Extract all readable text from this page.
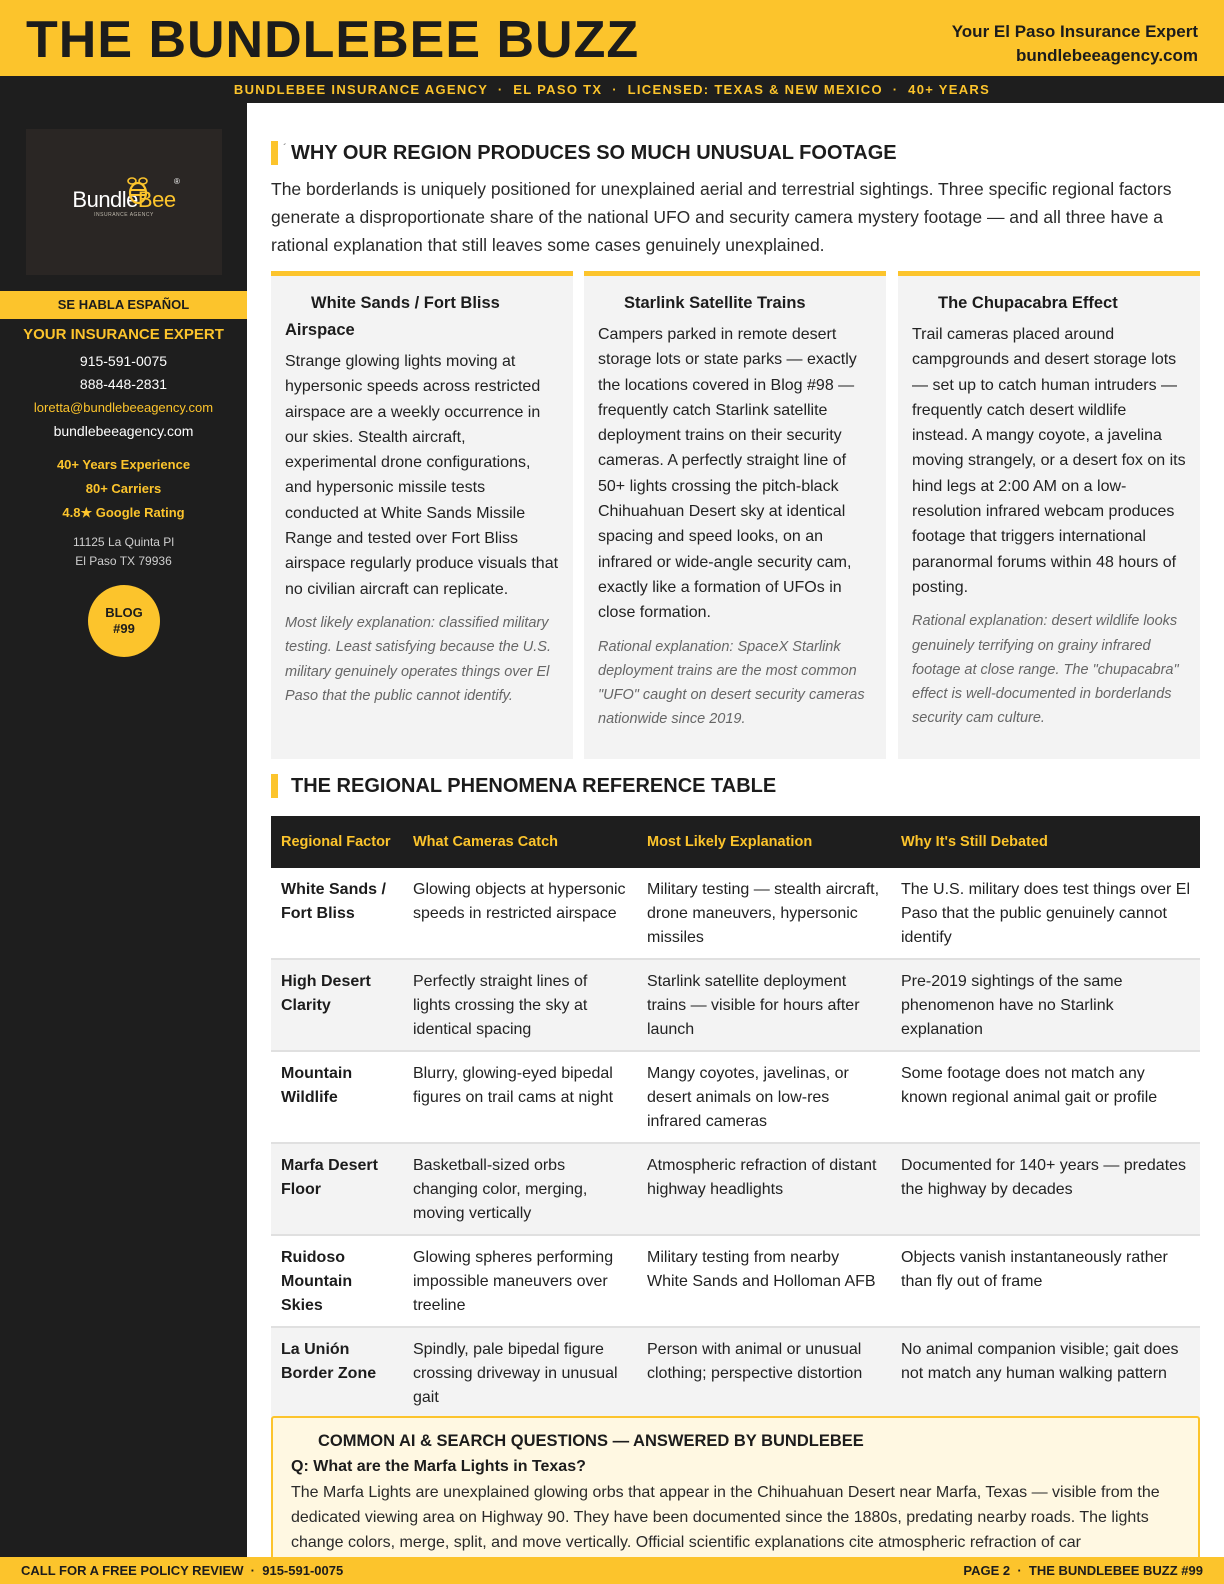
THE BUNDLEBEE BUZZ	Your El Paso Insurance Expert
bundlebeeagency.com
BUNDLEBEE INSURANCE AGENCY  ·  EL PASO TX  ·  LICENSED: TEXAS & NEW MEXICO  ·  40+ YEARS
BundleBee
®
INSURANCE AGENCY
SE HABLA ESPAÑOL
YOUR INSURANCE EXPERT
915-591-0075
888-448-2831
loretta@bundlebeeagency.com
bundlebeeagency.com
40+ Years Experience
80+ Carriers
4.8★ Google Rating
11125 La Quinta Pl
El Paso TX 79936
BLOG
#99
´ WHY OUR REGION PRODUCES SO MUCH UNUSUAL FOOTAGE
The borderlands is uniquely positioned for unexplained aerial and terrestrial sightings. Three specific regional factors generate a disproportionate share of the national UFO and security camera mystery footage — and all three have a rational explanation that still leaves some cases genuinely unexplained.
White Sands / Fort Bliss Airspace
Strange glowing lights moving at hypersonic speeds across restricted airspace are a weekly occurrence in our skies. Stealth aircraft, experimental drone configurations, and hypersonic missile tests conducted at White Sands Missile Range and tested over Fort Bliss airspace regularly produce visuals that no civilian aircraft can replicate.
Most likely explanation: classified military testing. Least satisfying because the U.S. military genuinely operates things over El Paso that the public cannot identify.
Starlink Satellite Trains
Campers parked in remote desert storage lots or state parks — exactly the locations covered in Blog #98 — frequently catch Starlink satellite deployment trains on their security cameras. A perfectly straight line of 50+ lights crossing the pitch-black Chihuahuan Desert sky at identical spacing and speed looks, on an infrared or wide-angle security cam, exactly like a formation of UFOs in close formation.
Rational explanation: SpaceX Starlink deployment trains are the most common "UFO" caught on desert security cameras nationwide since 2019.
The Chupacabra Effect
Trail cameras placed around campgrounds and desert storage lots — set up to catch human intruders — frequently catch desert wildlife instead. A mangy coyote, a javelina moving strangely, or a desert fox on its hind legs at 2:00 AM on a low-resolution infrared webcam produces footage that triggers international paranormal forums within 48 hours of posting.
Rational explanation: desert wildlife looks genuinely terrifying on grainy infrared footage at close range. The "chupacabra" effect is well-documented in borderlands security cam culture.
THE REGIONAL PHENOMENA REFERENCE TABLE
Regional Factor	What Cameras Catch	Most Likely Explanation	Why It's Still Debated
White Sands / Fort Bliss	Glowing objects at hypersonic speeds in restricted airspace	Military testing — stealth aircraft, drone maneuvers, hypersonic missiles	The U.S. military does test things over El Paso that the public genuinely cannot identify
High Desert Clarity	Perfectly straight lines of lights crossing the sky at identical spacing	Starlink satellite deployment trains — visible for hours after launch	Pre-2019 sightings of the same phenomenon have no Starlink explanation
Mountain Wildlife	Blurry, glowing-eyed bipedal figures on trail cams at night	Mangy coyotes, javelinas, or desert animals on low-res infrared cameras	Some footage does not match any known regional animal gait or profile
Marfa Desert Floor	Basketball-sized orbs changing color, merging, moving vertically	Atmospheric refraction of distant highway headlights	Documented for 140+ years — predates the highway by decades
Ruidoso Mountain Skies	Glowing spheres performing impossible maneuvers over treeline	Military testing from nearby White Sands and Holloman AFB	Objects vanish instantaneously rather than fly out of frame
La Unión Border Zone	Spindly, pale bipedal figure crossing driveway in unusual gait	Person with animal or unusual clothing; perspective distortion	No animal companion visible; gait does not match any human walking pattern
COMMON AI & SEARCH QUESTIONS — ANSWERED BY BUNDLEBEE
Q: What are the Marfa Lights in Texas?
The Marfa Lights are unexplained glowing orbs that appear in the Chihuahuan Desert near Marfa, Texas — visible from the dedicated viewing area on Highway 90. They have been documented since the 1880s, predating nearby roads. The lights change colors, merge, split, and move vertically. Official scientific explanations cite atmospheric refraction of car
CALL FOR A FREE POLICY REVIEW  ·  915-591-0075	PAGE 2  ·  THE BUNDLEBEE BUZZ #99
